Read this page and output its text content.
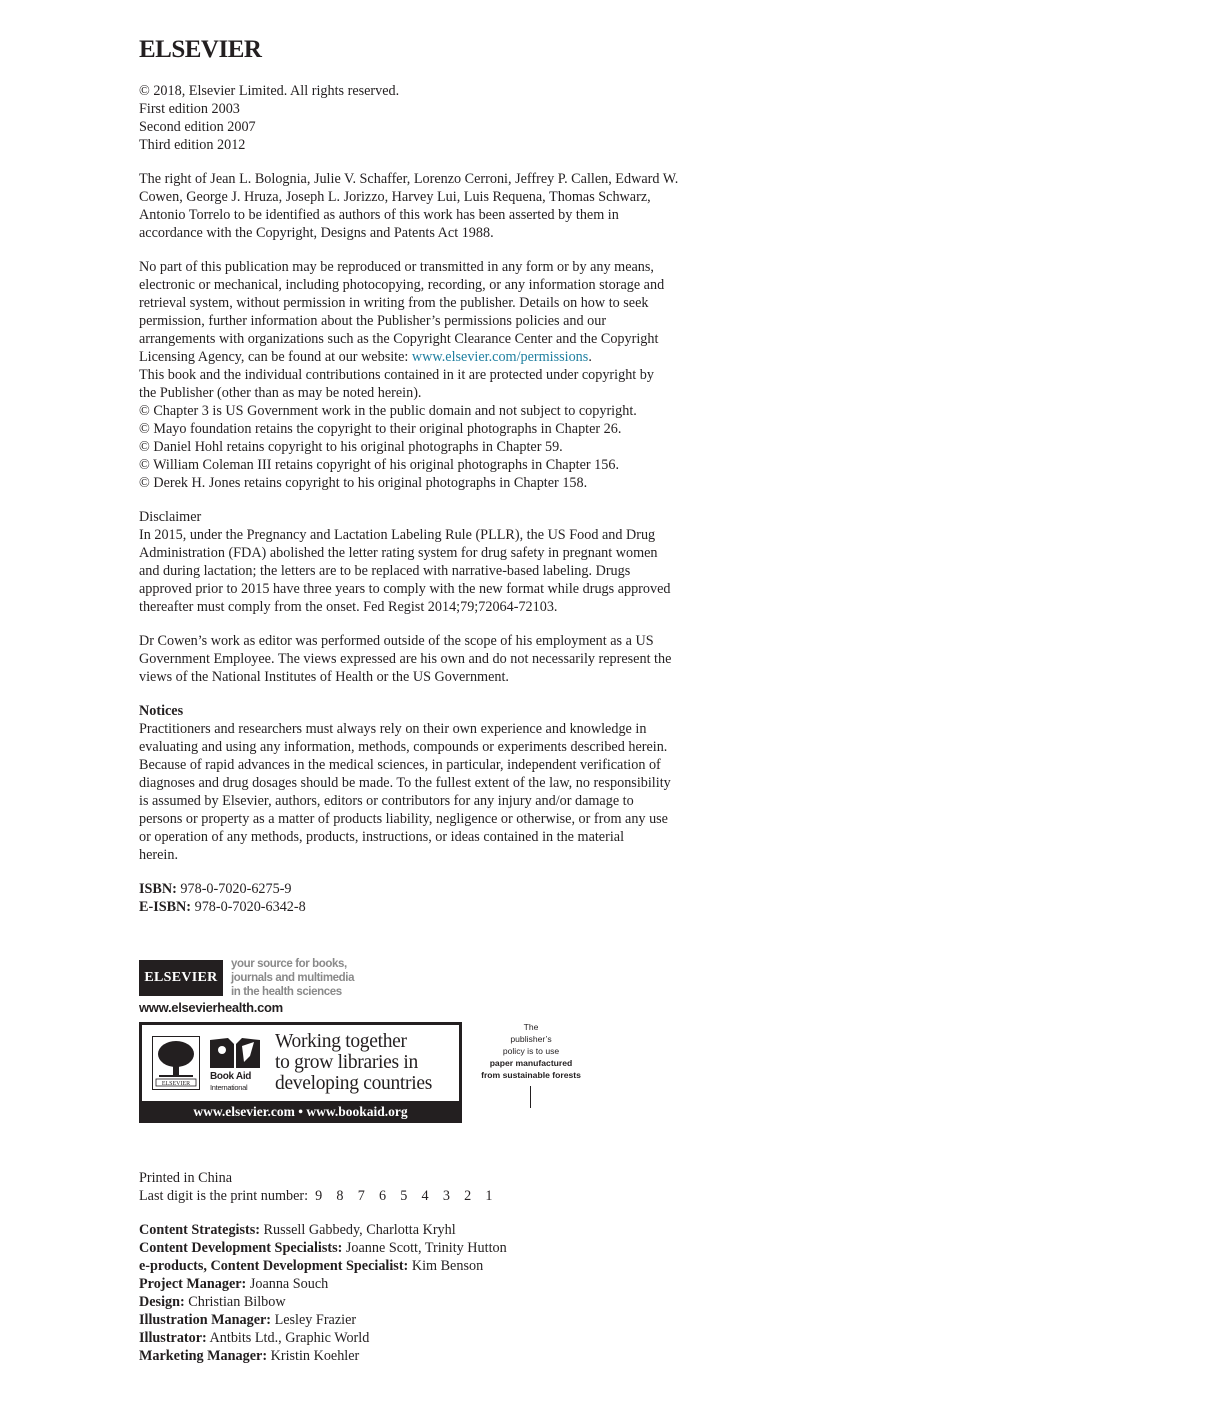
ELSEVIER
© 2018, Elsevier Limited. All rights reserved.
First edition 2003
Second edition 2007
Third edition 2012
The right of Jean L. Bolognia, Julie V. Schaffer, Lorenzo Cerroni, Jeffrey P. Callen, Edward W.
Cowen, George J. Hruza, Joseph L. Jorizzo, Harvey Lui, Luis Requena, Thomas Schwarz,
Antonio Torrelo to be identified as authors of this work has been asserted by them in
accordance with the Copyright, Designs and Patents Act 1988.
No part of this publication may be reproduced or transmitted in any form or by any means,
electronic or mechanical, including photocopying, recording, or any information storage and
retrieval system, without permission in writing from the publisher. Details on how to seek
permission, further information about the Publisher’s permissions policies and our
arrangements with organizations such as the Copyright Clearance Center and the Copyright
Licensing Agency, can be found at our website: www.elsevier.com/permissions.
This book and the individual contributions contained in it are protected under copyright by
the Publisher (other than as may be noted herein).
© Chapter 3 is US Government work in the public domain and not subject to copyright.
© Mayo foundation retains the copyright to their original photographs in Chapter 26.
© Daniel Hohl retains copyright to his original photographs in Chapter 59.
© William Coleman III retains copyright of his original photographs in Chapter 156.
© Derek H. Jones retains copyright to his original photographs in Chapter 158.
Disclaimer
In 2015, under the Pregnancy and Lactation Labeling Rule (PLLR), the US Food and Drug
Administration (FDA) abolished the letter rating system for drug safety in pregnant women
and during lactation; the letters are to be replaced with narrative-based labeling. Drugs
approved prior to 2015 have three years to comply with the new format while drugs approved
thereafter must comply from the onset. Fed Regist 2014;79;72064-72103.
Dr Cowen’s work as editor was performed outside of the scope of his employment as a US
Government Employee. The views expressed are his own and do not necessarily represent the
views of the National Institutes of Health or the US Government.
Notices
Practitioners and researchers must always rely on their own experience and knowledge in
evaluating and using any information, methods, compounds or experiments described herein.
Because of rapid advances in the medical sciences, in particular, independent verification of
diagnoses and drug dosages should be made. To the fullest extent of the law, no responsibility
is assumed by Elsevier, authors, editors or contributors for any injury and/or damage to
persons or property as a matter of products liability, negligence or otherwise, or from any use
or operation of any methods, products, instructions, or ideas contained in the material
herein.
ISBN: 978-0-7020-6275-9
E-ISBN: 978-0-7020-6342-8
ELSEVIER
your source for books,
journals and multimedia
in the health sciences
www.elsevierhealth.com
ELSEVIER
Book Aid
International
Working together
to grow libraries in
developing countries
www.elsevier.com • www.bookaid.org
The
publisher’s
policy is to use
paper manufactured
from sustainable forests
Printed in China
Last digit is the print number:  9    8    7    6    5    4    3    2    1
Content Strategists: Russell Gabbedy, Charlotta Kryhl
Content Development Specialists: Joanne Scott, Trinity Hutton
e-products, Content Development Specialist: Kim Benson
Project Manager: Joanna Souch
Design: Christian Bilbow
Illustration Manager: Lesley Frazier
Illustrator: Antbits Ltd., Graphic World
Marketing Manager: Kristin Koehler
